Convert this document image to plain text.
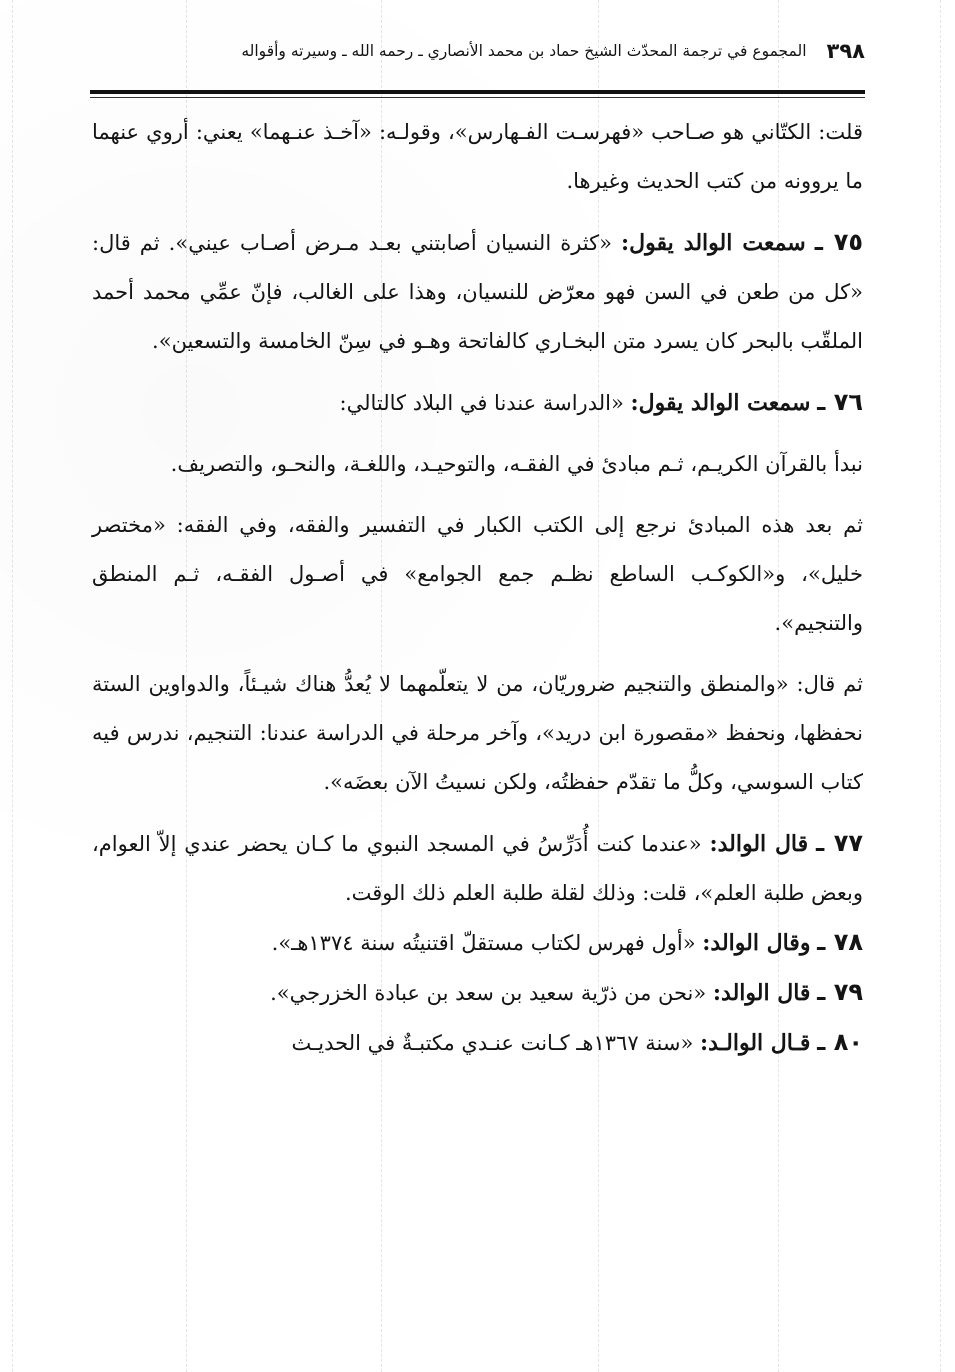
٣٩٨
المجموع في ترجمة المحدّث الشيخ حماد بن محمد الأنصاري ـ رحمه الله ـ وسيرته وأقواله

قلت: الكتّاني هو صـاحب «فهرسـت الفـهارس»، وقولـه: «آخـذ عنـهما» يعني: أروي عنهما ما يروونه من كتب الحديث وغيرها.

٧٥ ـ سمعت الوالد يقول: «كثرة النسيان أصابتني بعـد مـرض أصـاب عيني». ثم قال: «كل من طعن في السن فهو معرّض للنسيان، وهذا على الغالب، فإنّ عمِّي محمد أحمد الملقّب بالبحر كان يسرد متن البخـاري كالفاتحة وهـو في سِنّ الخامسة والتسعين».

٧٦ ـ سمعت الوالد يقول: «الدراسة عندنا في البلاد كالتالي:

نبدأ بالقرآن الكريـم، ثـم مبادئ في الفقـه، والتوحيـد، واللغـة، والنحـو، والتصريف.

ثم بعد هذه المبادئ نرجع إلى الكتب الكبار في التفسير والفقه، وفي الفقه: «مختصر خليل»، و«الكوكـب الساطع نظـم جمع الجوامع» في أصـول الفقـه، ثـم المنطق والتنجيم».

ثم قال: «والمنطق والتنجيم ضروريّان، من لا يتعلّمهما لا يُعدُّ هناك شيـئاً، والدواوين الستة نحفظها، ونحفظ «مقصورة ابن دريد»، وآخر مرحلة في الدراسة عندنا: التنجيم، ندرس فيه كتاب السوسي، وكلُّ ما تقدّم حفظتُه، ولكن نسيتُ الآن بعضَه».

٧٧ ـ قال الوالد: «عندما كنت أُدَرِّسُ في المسجد النبوي ما كـان يحضر عندي إلاّ العوام، وبعض طلبة العلم»، قلت: وذلك لقلة طلبة العلم ذلك الوقت.

٧٨ ـ وقال الوالد: «أول فهرس لكتاب مستقلّ اقتنيتُه سنة ١٣٧٤هـ».

٧٩ ـ قال الوالد: «نحن من ذرّية سعيد بن سعد بن عبادة الخزرجي».

٨٠ ـ قـال الوالـد: «سنة ١٣٦٧هـ كـانت عنـدي مكتبـةٌ في الحديـث
